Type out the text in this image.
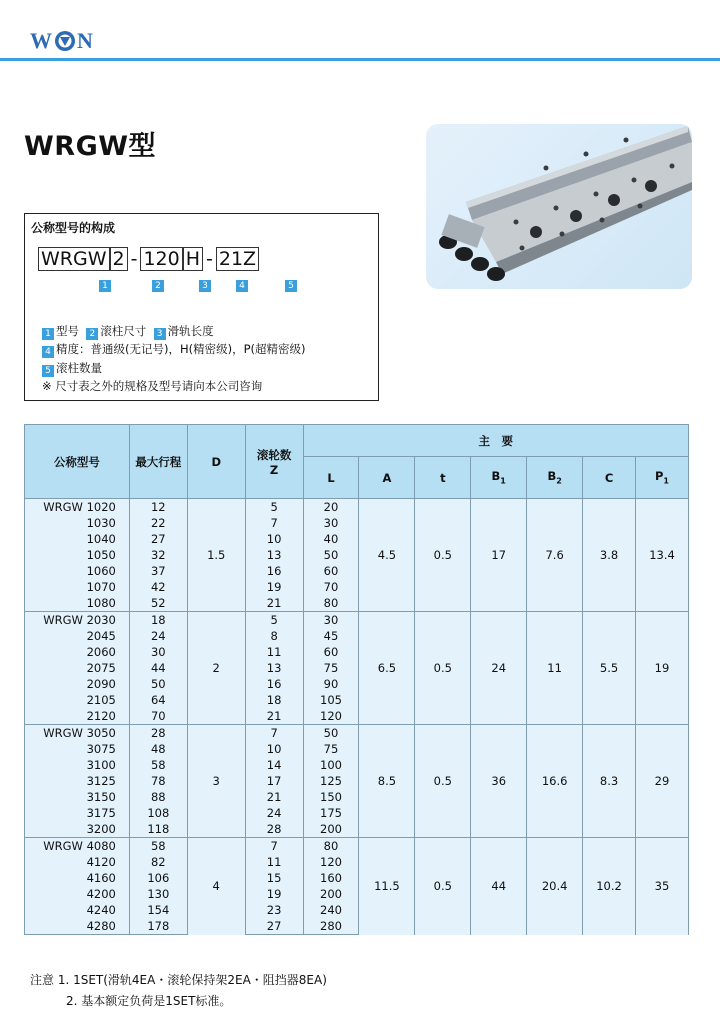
W N
WRGW型
公称型号的构成
WRGW 2 - 120 H - 21Z
1	2	3	4	5
1 型号 2 滚柱尺寸 3 滑轨长度
4 精度：普通级(无记号)，H(精密级)，P(超精密级)
5 滚柱数量
※ 尺寸表之外的规格及型号请向本公司咨询
公称型号	最大行程	D	滚轮数
Z	主　要						
				L	A	t	$B_1$	$B_2$	C	$P_1$
WRGW 1020	12	1.5	5	20	4.5	0.5	17	7.6	3.8	13.4
1030	22		7	30						
1040	27		10	40						
1050	32		13	50						
1060	37		16	60						
1070	42		19	70						
1080	52		21	80						
WRGW 2030	18	2	5	30	6.5	0.5	24	11	5.5	19
2045	24		8	45						
2060	30		11	60						
2075	44		13	75						
2090	50		16	90						
2105	64		18	105						
2120	70		21	120						
WRGW 3050	28	3	7	50	8.5	0.5	36	16.6	8.3	29
3075	48		10	75						
3100	58		14	100						
3125	78		17	125						
3150	88		21	150						
3175	108		24	175						
3200	118		28	200						
WRGW 4080	58	4	7	80	11.5	0.5	44	20.4	10.2	35
4120	82		11	120						
4160	106		15	160						
4200	130		19	200						
4240	154		23	240						
4280	178		27	280						
注意 1. 1SET(滑轨4EA・滚轮保持架2EA・阻挡器8EA)
2. 基本额定负荷是1SET标准。
